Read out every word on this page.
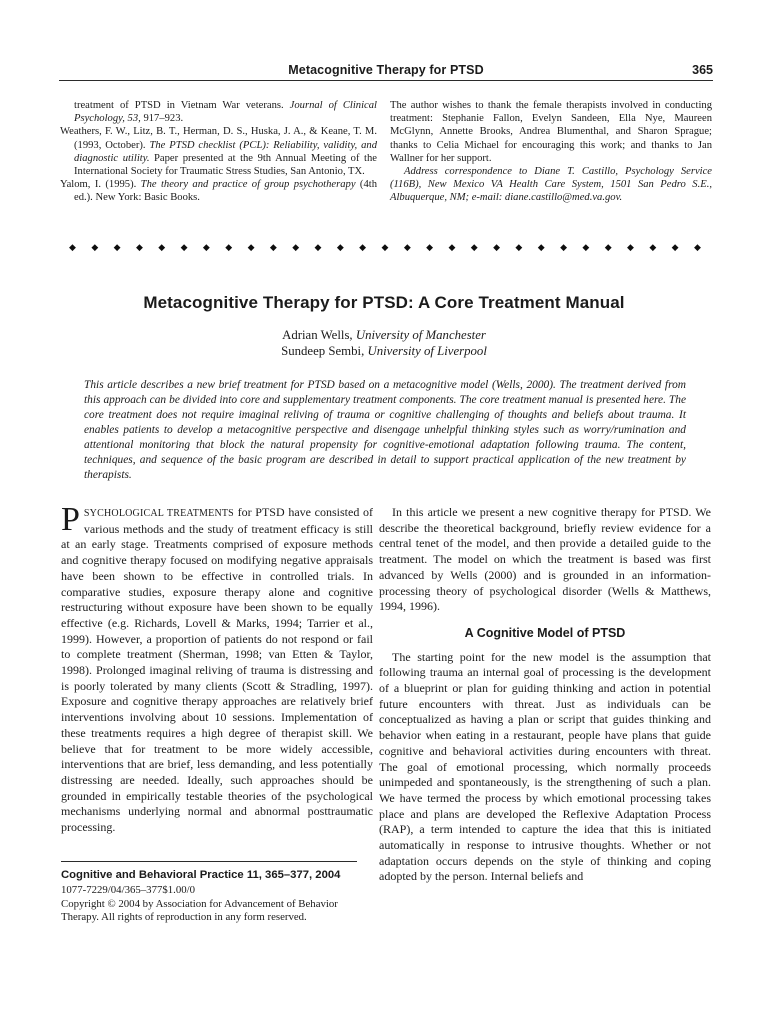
Metacognitive Therapy for PTSD	365
treatment of PTSD in Vietnam War veterans. Journal of Clinical Psychology, 53, 917–923.
Weathers, F. W., Litz, B. T., Herman, D. S., Huska, J. A., & Keane, T. M. (1993, October). The PTSD checklist (PCL): Reliability, validity, and diagnostic utility. Paper presented at the 9th Annual Meeting of the International Society for Traumatic Stress Studies, San Antonio, TX.
Yalom, I. (1995). The theory and practice of group psychotherapy (4th ed.). New York: Basic Books.

The author wishes to thank the female therapists involved in conducting treatment: Stephanie Fallon, Evelyn Sandeen, Ella Nye, Maureen McGlynn, Annette Brooks, Andrea Blumenthal, and Sharon Sprague; thanks to Celia Michael for encouraging this work; and thanks to Jan Wallner for her support.

Address correspondence to Diane T. Castillo, Psychology Service (116B), New Mexico VA Health Care System, 1501 San Pedro S.E., Albuquerque, NM; e-mail: diane.castillo@med.va.gov.

◆◆◆◆◆◆◆◆◆◆◆◆◆◆◆◆◆◆◆◆◆◆◆◆◆◆◆◆◆
Metacognitive Therapy for PTSD: A Core Treatment Manual
Adrian Wells, University of Manchester
Sundeep Sembi, University of Liverpool
This article describes a new brief treatment for PTSD based on a metacognitive model (Wells, 2000). The treatment derived from this approach can be divided into core and supplementary treatment components. The core treatment manual is presented here. The core treatment does not require imaginal reliving of trauma or cognitive challenging of thoughts and beliefs about trauma. It enables patients to develop a metacognitive perspective and disengage unhelpful thinking styles such as worry/rumination and attentional monitoring that block the natural propensity for cognitive-emotional adaptation following trauma. The content, techniques, and sequence of the basic program are described in detail to support practical application of the new treatment by therapists.

PSYCHOLOGICAL TREATMENTS for PTSD have consisted of various methods and the study of treatment efficacy is still at an early stage. Treatments comprised of exposure methods and cognitive therapy focused on modifying negative appraisals have been shown to be effective in controlled trials. In comparative studies, exposure therapy alone and cognitive restructuring without exposure have been shown to be equally effective (e.g. Richards, Lovell & Marks, 1994; Tarrier et al., 1999). However, a proportion of patients do not respond or fail to complete treatment (Sherman, 1998; van Etten & Taylor, 1998). Prolonged imaginal reliving of trauma is distressing and is poorly tolerated by many clients (Scott & Stradling, 1997). Exposure and cognitive therapy approaches are relatively brief interventions involving about 10 sessions. Implementation of these treatments requires a high degree of therapist skill. We believe that for treatment to be more widely accessible, interventions that are brief, less demanding, and less potentially distressing are needed. Ideally, such approaches should be grounded in empirically testable theories of the psychological mechanisms underlying normal and abnormal posttraumatic processing.

In this article we present a new cognitive therapy for PTSD. We describe the theoretical background, briefly review evidence for a central tenet of the model, and then provide a detailed guide to the treatment. The model on which the treatment is based was first advanced by Wells (2000) and is grounded in an information-processing theory of psychological disorder (Wells & Matthews, 1994, 1996).

A Cognitive Model of PTSD

The starting point for the new model is the assumption that following trauma an internal goal of processing is the development of a blueprint or plan for guiding thinking and action in potential future encounters with threat. Just as individuals can be conceptualized as having a plan or script that guides thinking and behavior when eating in a restaurant, people have plans that guide cognitive and behavioral activities during encounters with threat. The goal of emotional processing, which normally proceeds unimpeded and spontaneously, is the strengthening of such a plan. We have termed the process by which emotional processing takes place and plans are developed the Reflexive Adaptation Process (RAP), a term intended to capture the idea that this is initiated automatically in response to intrusive thoughts. Whether or not adaptation occurs depends on the style of thinking and coping adopted by the person. Internal beliefs and

Cognitive and Behavioral Practice 11, 365–377, 2004

1077-7229/04/365–377$1.00/0

Copyright © 2004 by Association for Advancement of Behavior Therapy. All rights of reproduction in any form reserved.
